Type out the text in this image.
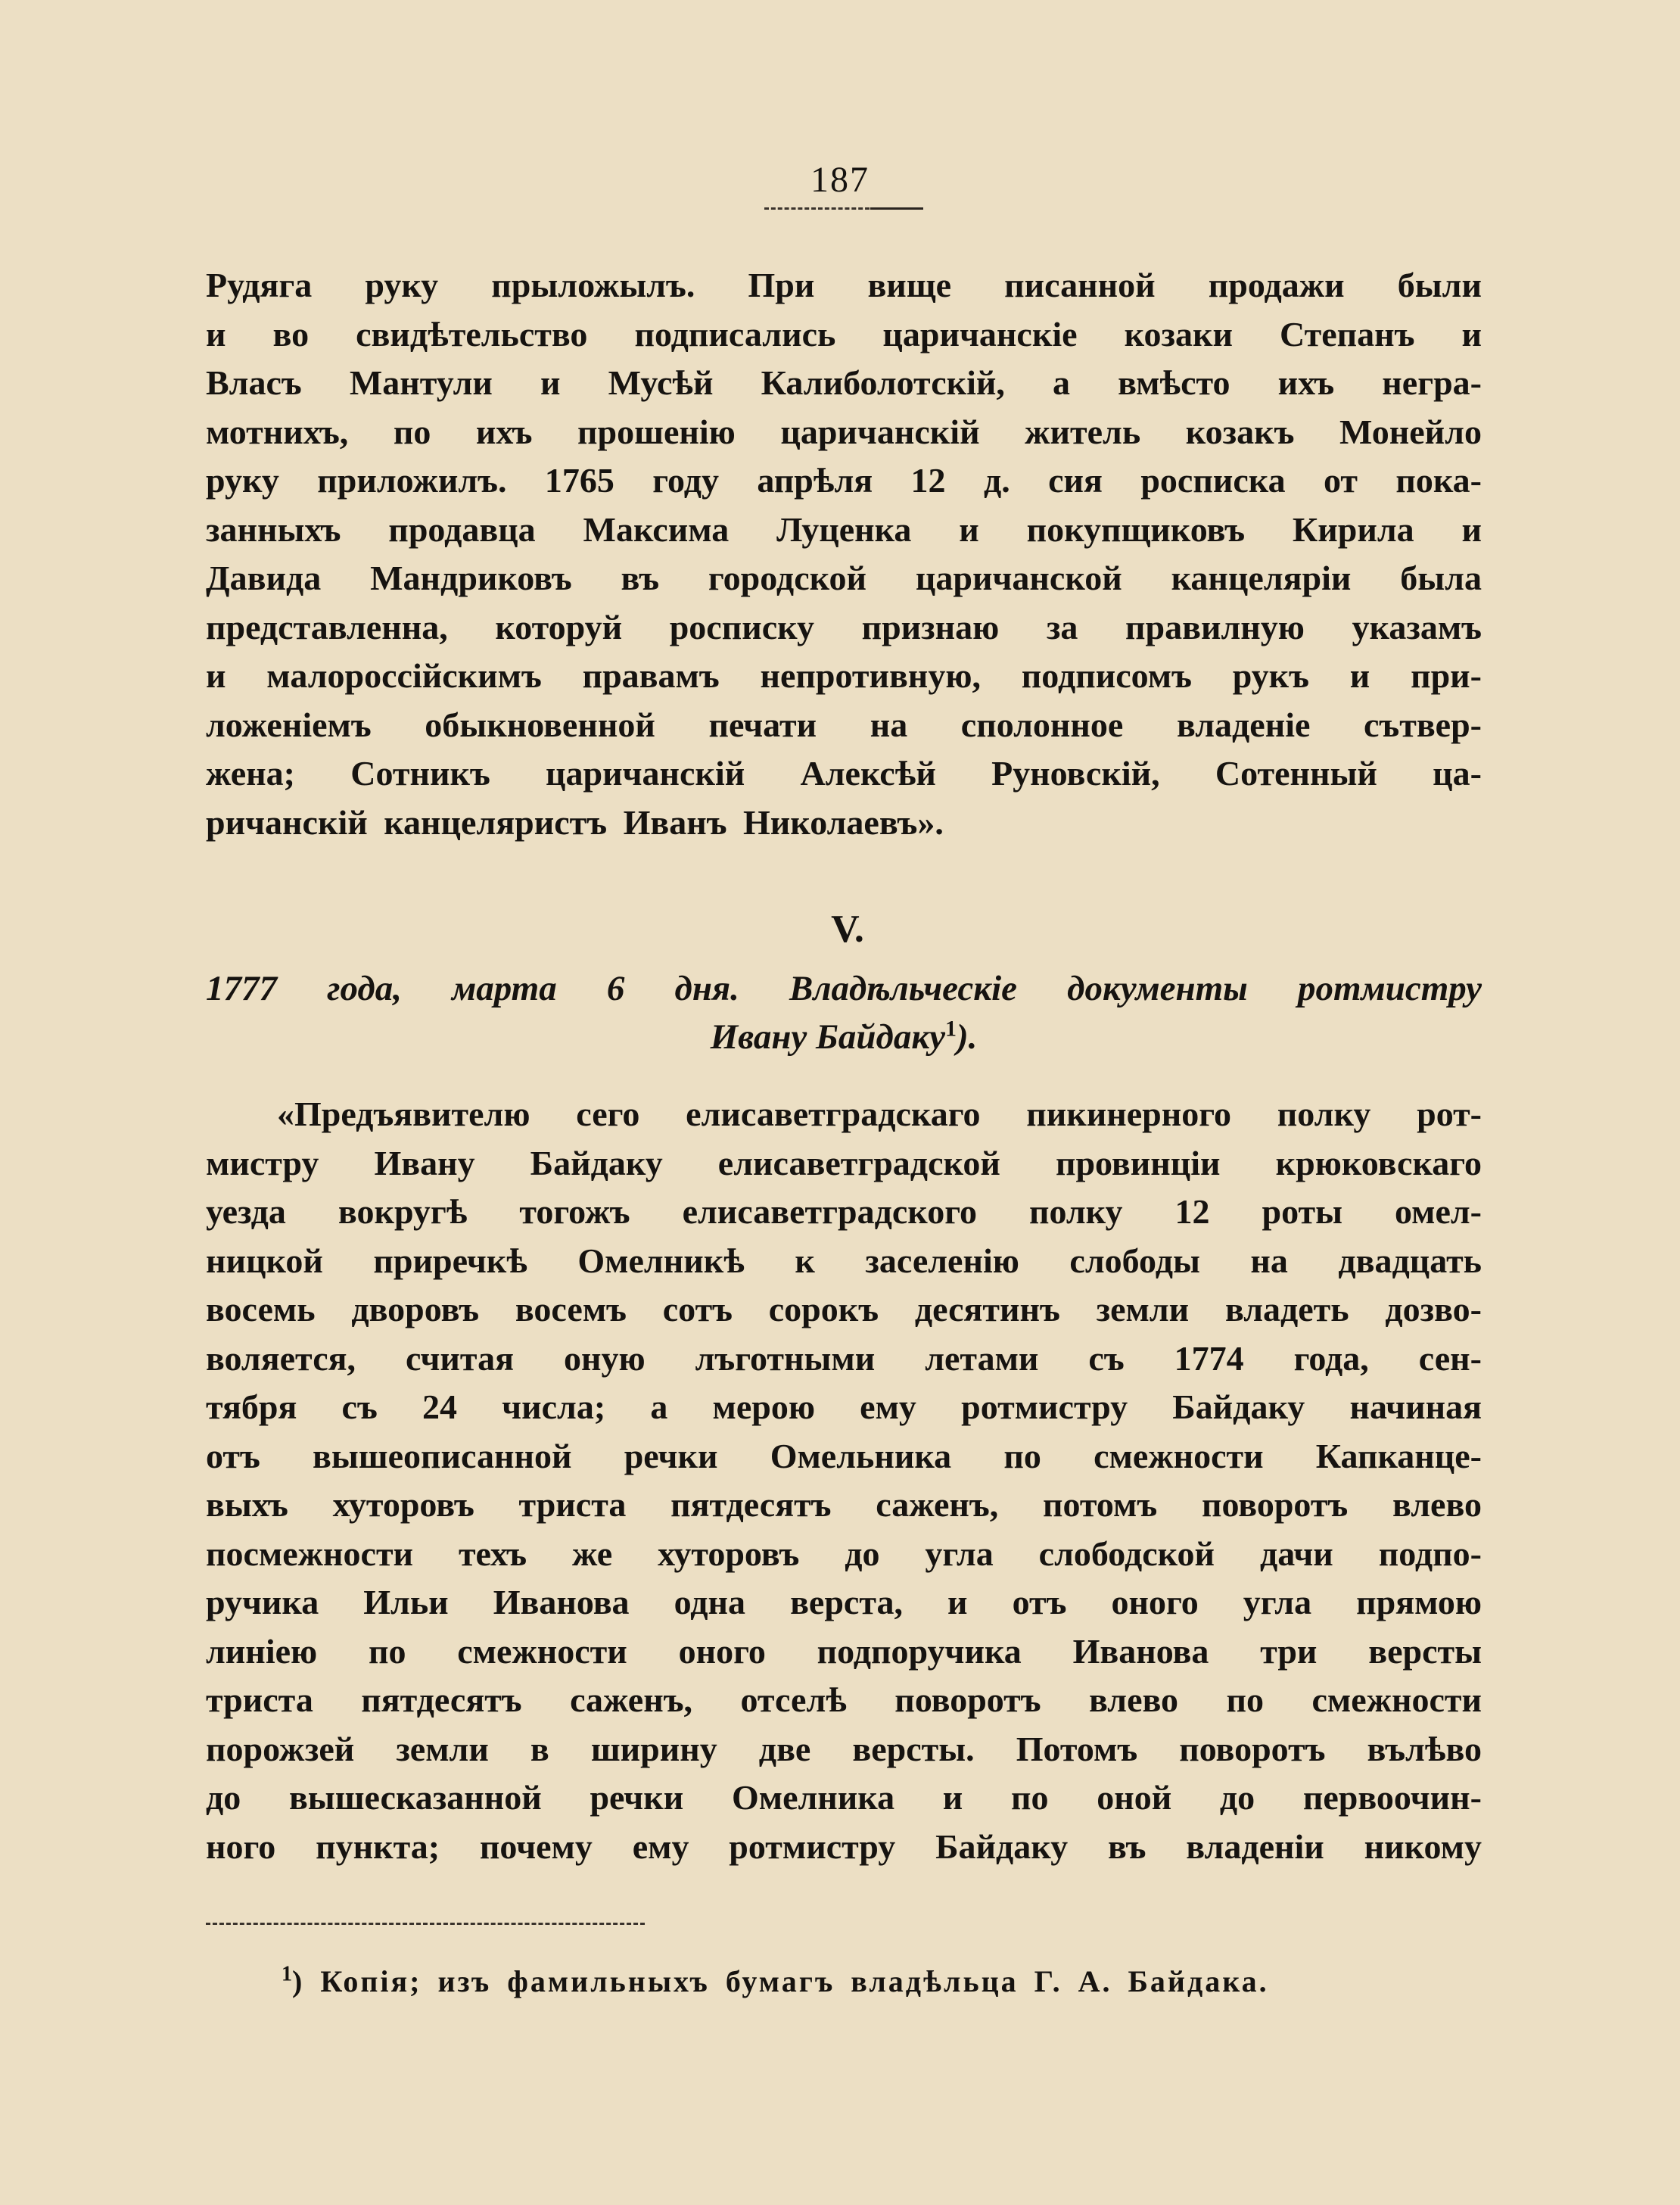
187
Рудяга руку прыложылъ. При вище писанной продажи были
и во свидѣтельство подписались царичанскіе козаки Степанъ и
Власъ Мантули и Мусѣй Калиболотскій, а вмѣсто ихъ негра-
мотнихъ, по ихъ прошенію царичанскій житель козакъ Монейло
руку приложилъ. 1765 году апрѣля 12 д. сия росписка от пока-
занныхъ продавца Максима Луценка и покупщиковъ Кирила и
Давида Мандриковъ въ городской царичанской канцеляріи была
представленна, которуй росписку признаю за правилную указамъ
и малороссійскимъ правамъ непротивную, подписомъ рукъ и при-
ложеніемъ обыкновенной печати на сполонное владеніе сътвер-
жена; Сотникъ царичанскій Алексѣй Руновскій, Сотенный ца-
ричанскій канцеляристъ Иванъ Николаевъ».
V.
1777 года, марта 6 дня. Владѣльческіе документы ротмистру
Ивану Байдаку$^1$).
«Предъявителю сего елисаветградскаго пикинерного полку рот-
мистру Ивану Байдаку елисаветградской провинціи крюковскаго
уезда вокругѣ тогожъ елисаветградского полку 12 роты омел-
ницкой приречкѣ Омелникѣ к заселенію слободы на двадцать
восемь дворовъ восемъ сотъ сорокъ десятинъ земли владеть дозво-
воляется, считая оную лъготными летами съ 1774 года, сен-
тября съ 24 числа; а мерою ему ротмистру Байдаку начиная
отъ вышеописанной речки Омельника по смежности Капканце-
выхъ хуторовъ триста пятдесятъ саженъ, потомъ поворотъ влево
посмежности техъ же хуторовъ до угла слободской дачи подпо-
ручика Ильи Иванова одна верста, и отъ оного угла прямою
линіею по смежности оного подпоручика Иванова три версты
триста пятдесятъ саженъ, отселѣ поворотъ влево по смежности
порожзей земли в ширину две версты. Потомъ поворотъ вълѣво
до вышесказанной речки Омелника и по оной до первоочин-
ного пункта; почему ему ротмистру Байдаку въ владеніи никому
$^1$) Копія; изъ фамильныхъ бумагъ владѣльца Г. А. Байдака.
